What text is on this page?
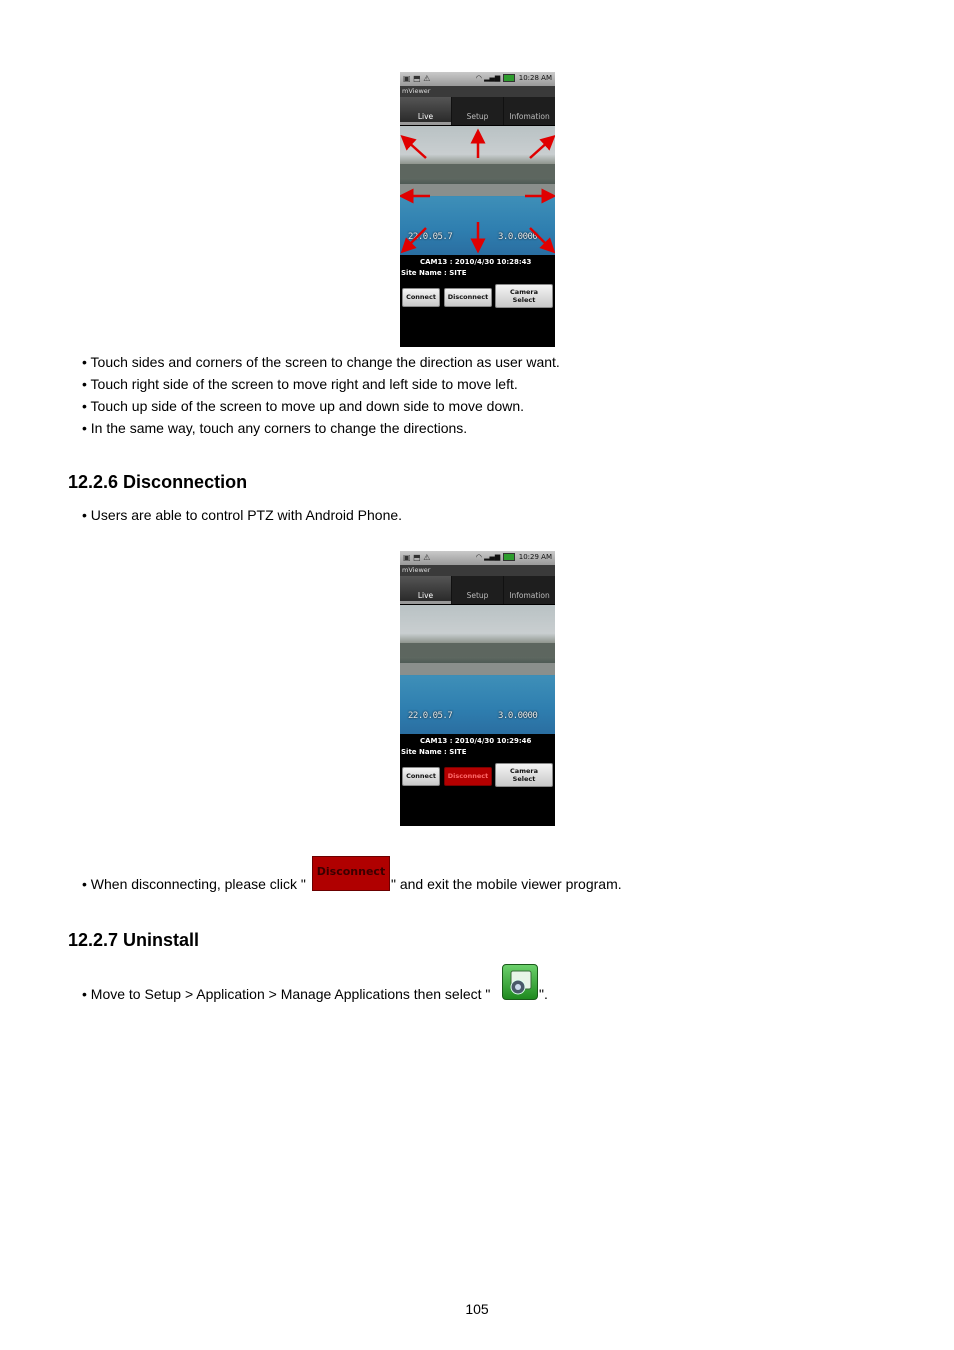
▣ ⬒ ⚠	◠ ▂▄▆	10:28 AM
mViewer
Live	Setup	Infomation
22.0.05.7	3.0.0000
CAM13 : 2010/4/30 10:28:43
Site Name : SITE
Connect	Disconnect
Camera
Select
• Touch sides and corners of the screen to change the direction as user want.
• Touch right side of the screen to move right and left side to move left.
• Touch up side of the screen to move up and down side to move down.
• In the same way, touch any corners to change the directions.
12.2.6 Disconnection
• Users are able to control PTZ with Android Phone.
▣ ⬒ ⚠	◠ ▂▄▆	10:29 AM
mViewer
Live	Setup	Infomation
22.0.05.7	3.0.0000
CAM13 : 2010/4/30 10:29:46
Site Name : SITE
Connect	Disconnect
Camera
Select
• When disconnecting, please click "
Disconnect
" and exit the mobile viewer program.
12.2.7 Uninstall
• Move to Setup > Application > Manage Applications then select "	".
105
